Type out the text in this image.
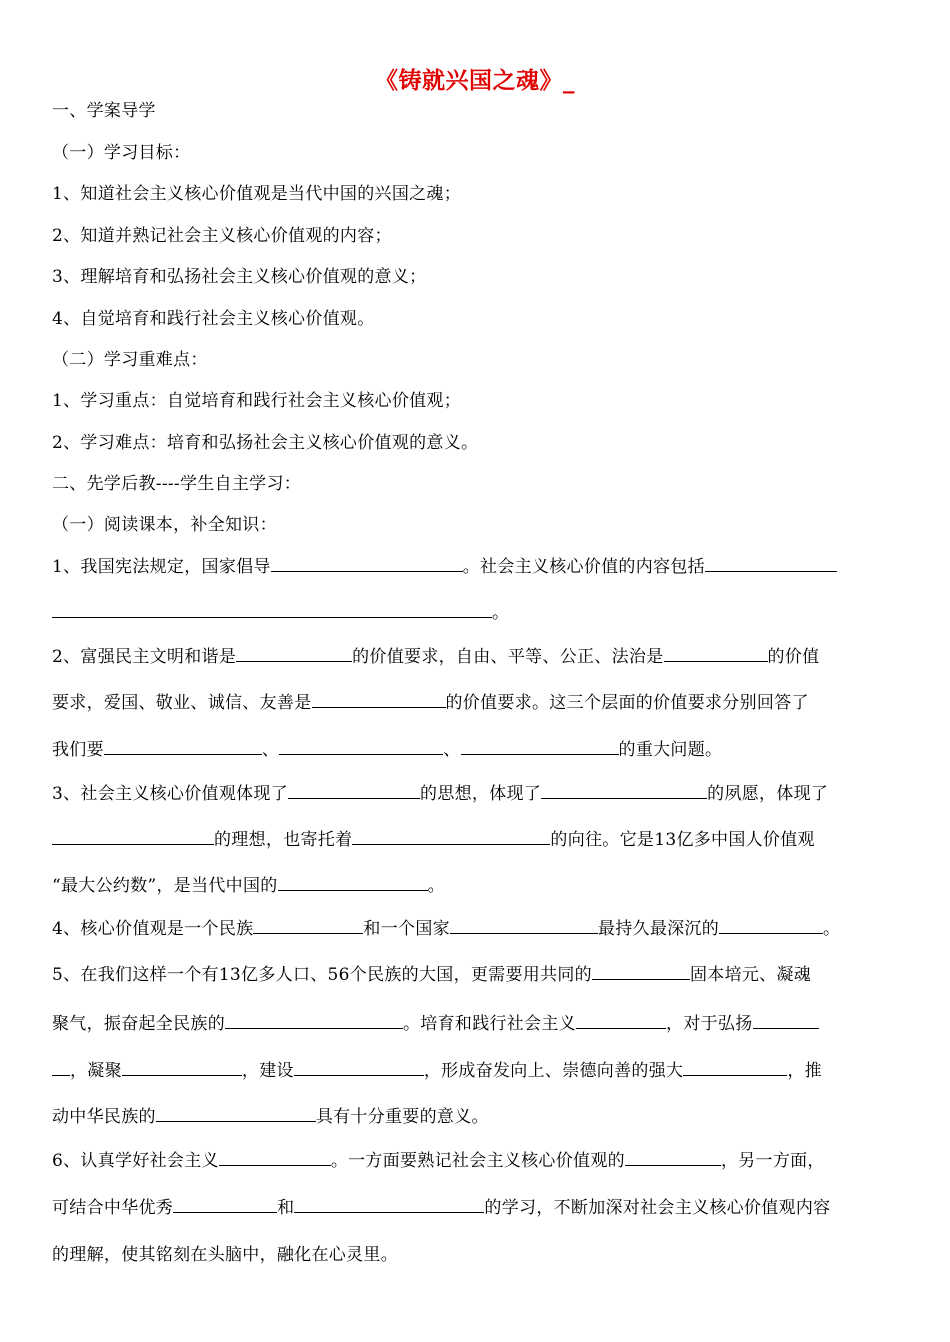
《铸就兴国之魂》_
一、学案导学
（一）学习目标：
1、知道社会主义核心价值观是当代中国的兴国之魂；
2、知道并熟记社会主义核心价值观的内容；
3、理解培育和弘扬社会主义核心价值观的意义；
4、自觉培育和践行社会主义核心价值观。
（二）学习重难点：
1、学习重点：自觉培育和践行社会主义核心价值观；
2、学习难点：培育和弘扬社会主义核心价值观的意义。
二、先学后教----学生自主学习：
（一）阅读课本，补全知识：
1、我国宪法规定，国家倡导	。社会主义核心价值的内容包括
。
2、富强民主文明和谐是	的价值要求，自由、平等、公正、法治是	的价值
要求，爱国、敬业、诚信、友善是	的价值要求。这三个层面的价值要求分别回答了
我们要	、	、	的重大问题。
3、社会主义核心价值观体现了	的思想，体现了	的夙愿，体现了
的理想，也寄托着	的向往。它是13亿多中国人价值观
“最大公约数”，是当代中国的	。
4、核心价值观是一个民族	和一个国家	最持久最深沉的	。
5、在我们这样一个有13亿多人口、56个民族的大国，更需要用共同的	固本培元、凝魂
聚气，振奋起全民族的	。培育和践行社会主义	，对于弘扬
，凝聚	，建设	，形成奋发向上、崇德向善的强大	，推
动中华民族的	具有十分重要的意义。
6、认真学好社会主义	。一方面要熟记社会主义核心价值观的	，另一方面，
可结合中华优秀	和	的学习，不断加深对社会主义核心价值观内容
的理解，使其铭刻在头脑中，融化在心灵里。
